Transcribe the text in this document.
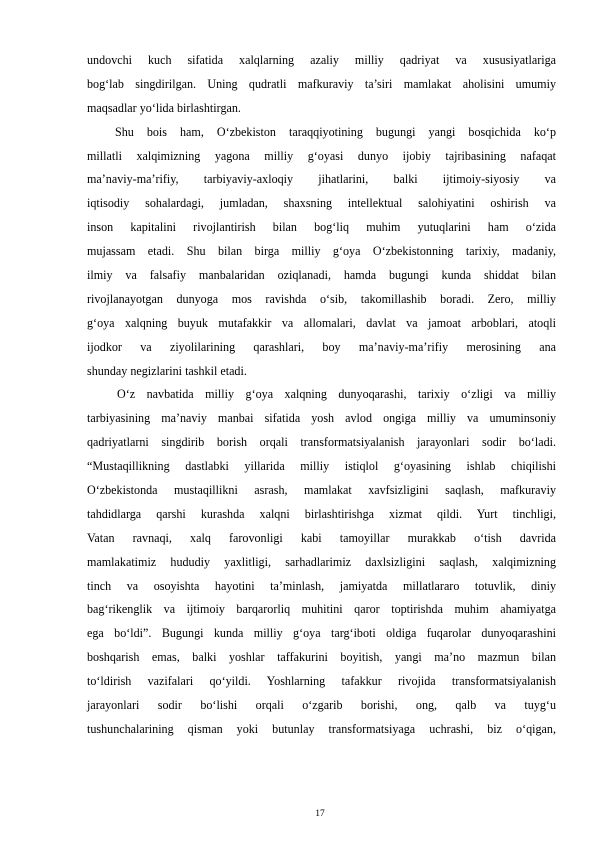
undovchi kuch sifatida xalqlarning azaliy milliy qadriyat va xususiyatlariga
bog‘lab singdirilgan. Uning qudratli mafkuraviy ta’siri mamlakat aholisini umumiy
maqsadlar yo‘lida birlashtirgan.
Shu bois ham, O‘zbekiston taraqqiyotining bugungi yangi bosqichida ko‘p
millatli xalqimizning yagona milliy g‘oyasi dunyo ijobiy tajribasining nafaqat
ma’naviy-ma’rifiy, tarbiyaviy-axloqiy jihatlarini, balki ijtimoiy-siyosiy va
iqtisodiy sohalardagi, jumladan, shaxsning intellektual salohiyatini oshirish va
inson kapitalini rivojlantirish bilan bog‘liq muhim yutuqlarini ham o‘zida
mujassam etadi. Shu bilan birga milliy g‘oya O‘zbekistonning tarixiy, madaniy,
ilmiy va falsafiy manbalaridan oziqlanadi, hamda bugungi kunda shiddat bilan
rivojlanayotgan dunyoga mos ravishda o‘sib, takomillashib boradi. Zero, milliy
g‘oya xalqning buyuk mutafakkir va allomalari, davlat va jamoat arboblari, atoqli
ijodkor va ziyolilarining qarashlari, boy ma’naviy-ma’rifiy merosining ana
shunday negizlarini tashkil etadi.
O‘z navbatida milliy g‘oya xalqning dunyoqarashi, tarixiy o‘zligi va milliy
tarbiyasining ma’naviy manbai sifatida yosh avlod ongiga milliy va umuminsoniy
qadriyatlarni singdirib borish orqali transformatsiyalanish jarayonlari sodir bo‘ladi.
“Mustaqillikning dastlabki yillarida milliy istiqlol g‘oyasining ishlab chiqilishi
O‘zbekistonda mustaqillikni asrash, mamlakat xavfsizligini saqlash, mafkuraviy
tahdidlarga qarshi kurashda xalqni birlashtirishga xizmat qildi. Yurt tinchligi,
Vatan ravnaqi, xalq farovonligi kabi tamoyillar murakkab o‘tish davrida
mamlakatimiz hududiy yaxlitligi, sarhadlarimiz daxlsizligini saqlash, xalqimizning
tinch va osoyishta hayotini ta’minlash, jamiyatda millatlararo totuvlik, diniy
bag‘rikenglik va ijtimoiy barqarorliq muhitini qaror toptirishda muhim ahamiyatga
ega bo‘ldi”. Bugungi kunda milliy g‘oya targ‘iboti oldiga fuqarolar dunyoqarashini
boshqarish emas, balki yoshlar taffakurini boyitish, yangi ma’no mazmun bilan
to‘ldirish vazifalari qo‘yildi. Yoshlarning tafakkur rivojida transformatsiyalanish
jarayonlari sodir bo‘lishi orqali o‘zgarib borishi, ong, qalb va tuyg‘u
tushunchalarining qisman yoki butunlay transformatsiyaga uchrashi, biz o‘qigan,
17
